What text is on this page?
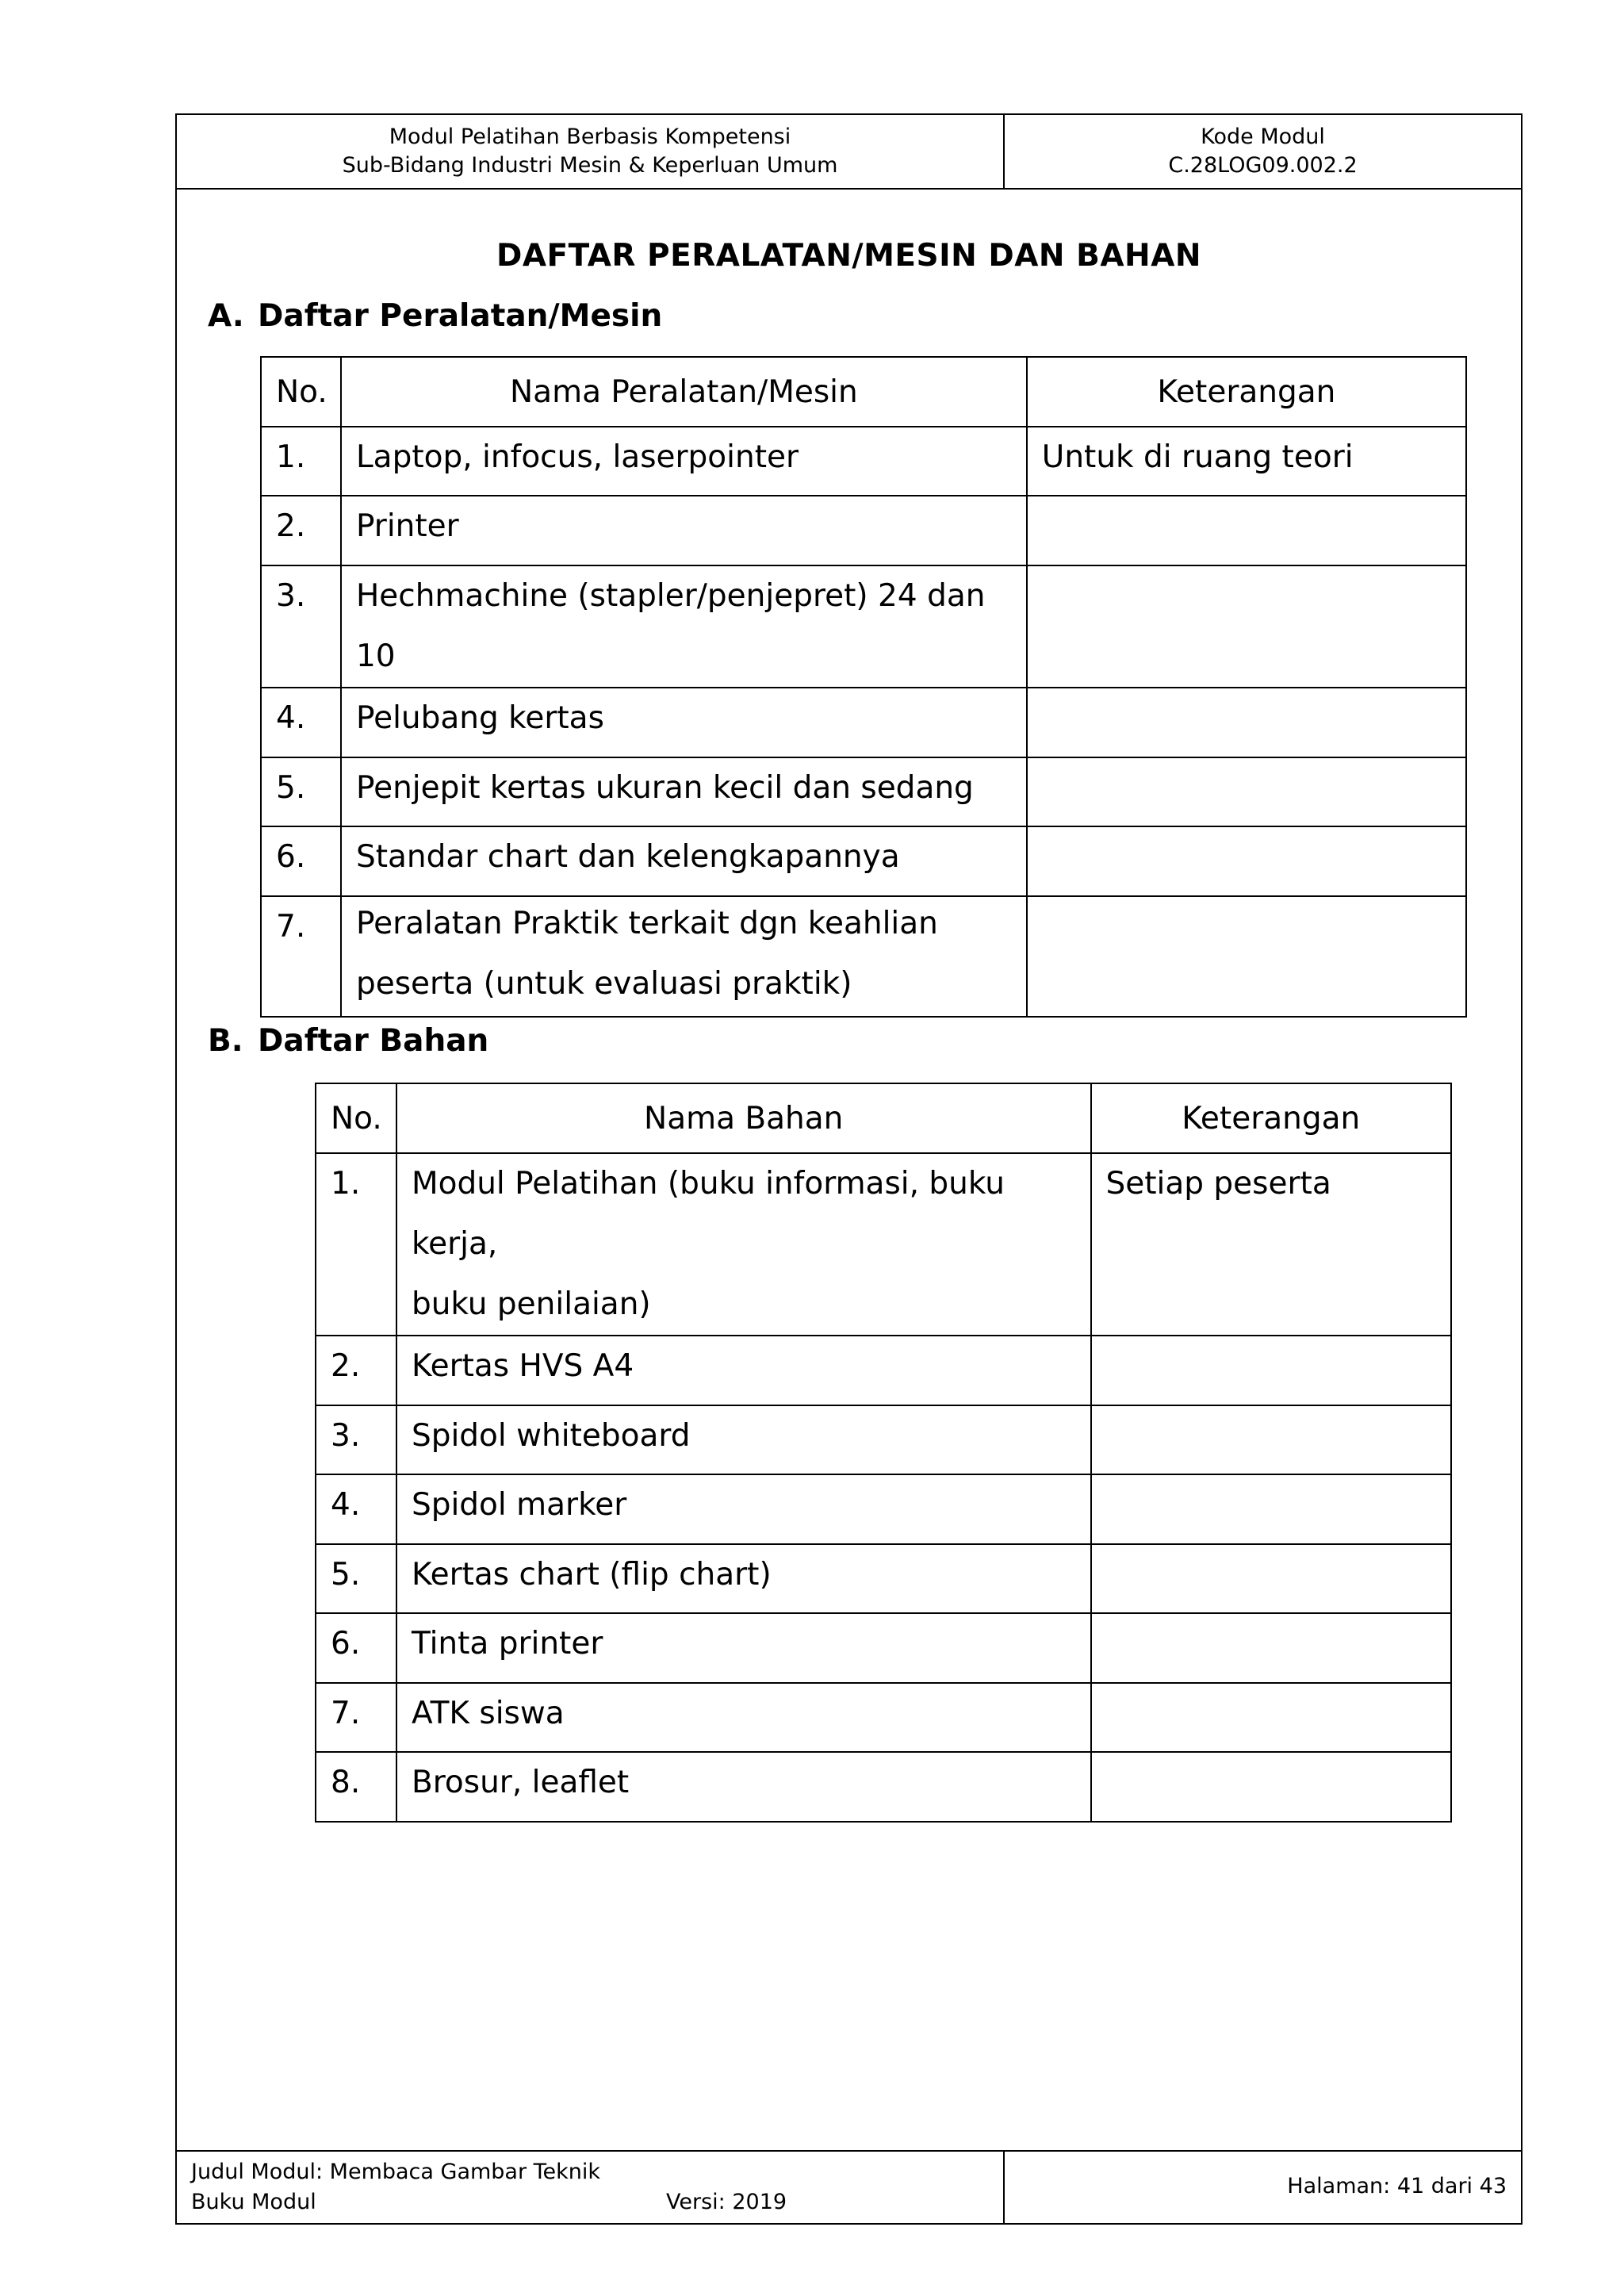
Modul Pelatihan Berbasis Kompetensi
Sub-Bidang Industri Mesin & Keperluan Umum
Kode Modul
C.28LOG09.002.2
Judul Modul: Membaca Gambar Teknik
Buku Modul	Versi: 2019
Halaman: 41 dari 43
DAFTAR PERALATAN/MESIN DAN BAHAN
A. Daftar Peralatan/Mesin
No.	Nama Peralatan/Mesin	Keterangan
1.	Laptop, infocus, laserpointer	Untuk di ruang teori
2.	Printer	
3.	Hechmachine (stapler/penjepret) 24 dan 10	
4.	Pelubang kertas	
5.	Penjepit kertas ukuran kecil dan sedang	
6.	Standar chart dan kelengkapannya	
7.	Peralatan Praktik terkait dgn keahlian
peserta (untuk evaluasi praktik)	

B. Daftar Bahan
No.	Nama Bahan	Keterangan
1.	Modul Pelatihan (buku informasi, buku kerja,
buku penilaian)	Setiap peserta
2.	Kertas HVS A4	
3.	Spidol whiteboard	
4.	Spidol marker	
5.	Kertas chart (flip chart)	
6.	Tinta printer	
7.	ATK siswa	
8.	Brosur, leaflet	
